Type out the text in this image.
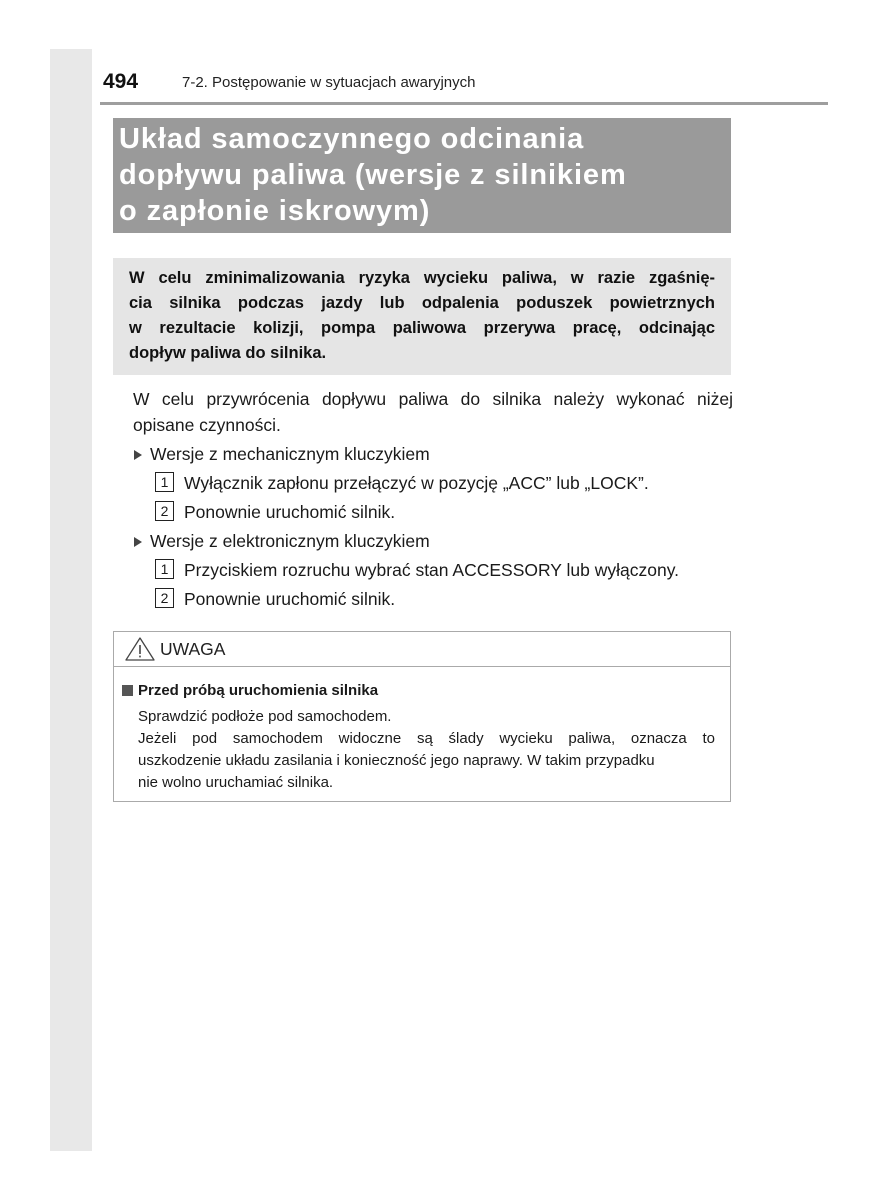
494	7-2. Postępowanie w sytuacjach awaryjnych
Układ samoczynnego odcinania
dopływu paliwa (wersje z silnikiem
o zapłonie iskrowym)
W celu zminimalizowania ryzyka wycieku paliwa, w razie zgaśnię-
cia silnika podczas jazdy lub odpalenia poduszek powietrznych
w rezultacie kolizji, pompa paliwowa przerywa pracę, odcinając
dopływ paliwa do silnika.
W celu przywrócenia dopływu paliwa do silnika należy wykonać niżej
opisane czynności.
Wersje z mechanicznym kluczykiem
1 Wyłącznik zapłonu przełączyć w pozycję „ACC” lub „LOCK”.
2 Ponownie uruchomić silnik.
Wersje z elektronicznym kluczykiem
1 Przyciskiem rozruchu wybrać stan ACCESSORY lub wyłączony.
2 Ponownie uruchomić silnik.
UWAGA
Przed próbą uruchomienia silnika
Sprawdzić podłoże pod samochodem.
Jeżeli pod samochodem widoczne są ślady wycieku paliwa, oznacza to
uszkodzenie układu zasilania i konieczność jego naprawy. W takim przypadku
nie wolno uruchamiać silnika.
